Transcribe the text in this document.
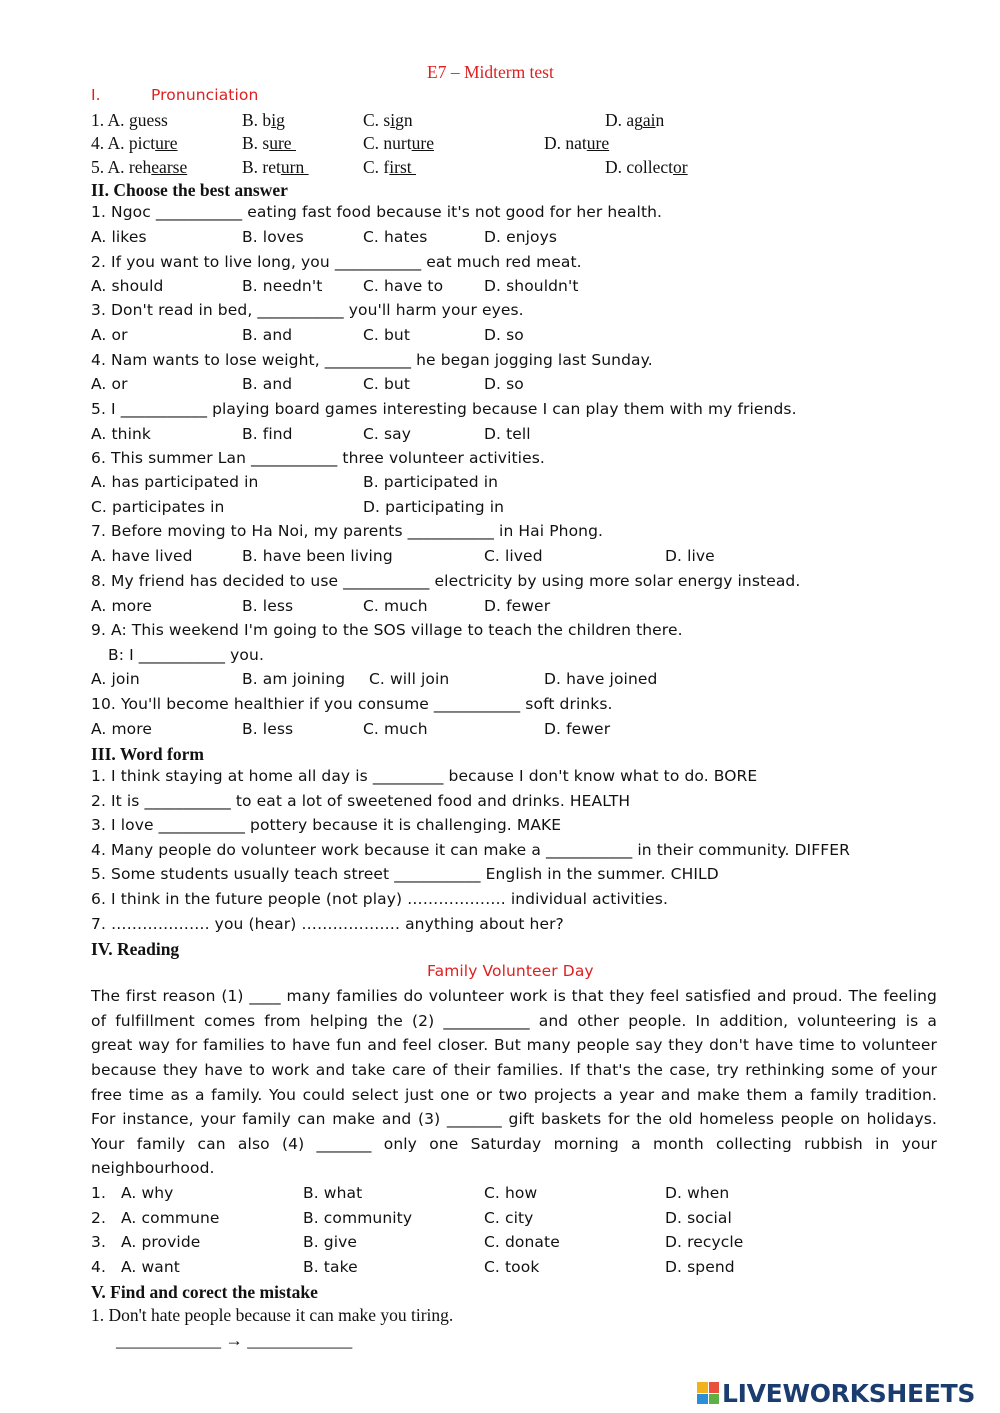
E7 – Midterm test
I.	Pronunciation
1. A. guess	B. big	C. sign	D. again
4. A. picture	B. sure	C. nurture	D. nature
5. A. rehearse	B. return	C. first	D. collector
II. Choose the best answer
1. Ngoc ___________ eating fast food because it's not good for her health.
A. likes	B. loves	C. hates	D. enjoys
2. If you want to live long, you ___________ eat much red meat.
A. should	B. needn't	C. have to	D. shouldn't
3. Don't read in bed, ___________ you'll harm your eyes.
A. or	B. and	C. but	D. so
4. Nam wants to lose weight, ___________ he began jogging last Sunday.
A. or	B. and	C. but	D. so
5. I ___________ playing board games interesting because I can play them with my friends.
A. think	B. find	C. say	D. tell
6. This summer Lan ___________ three volunteer activities.
A. has participated in	B. participated in
C. participates in	D. participating in
7. Before moving to Ha Noi, my parents ___________ in Hai Phong.
A. have lived	B. have been living	C. lived	D. live
8. My friend has decided to use ___________ electricity by using more solar energy instead.
A. more	B. less	C. much	D. fewer
9. A: This weekend I'm going to the SOS village to teach the children there.
B: I ___________ you.
A. join	B. am joining C. will join	D. have joined
10. You'll become healthier if you consume ___________ soft drinks.
A. more	B. less	C. much	D. fewer
III. Word form
1. I think staying at home all day is _________ because I don't know what to do. BORE
2. It is ___________ to eat a lot of sweetened food and drinks. HEALTH
3. I love ___________ pottery because it is challenging. MAKE
4. Many people do volunteer work because it can make a ___________ in their community. DIFFER
5. Some students usually teach street ___________ English in the summer. CHILD
6. I think in the future people (not play) ………………. individual activities.
7. ………………. you (hear) ………………. anything about her?
IV. Reading
Family Volunteer Day
The first reason (1) ____ many families do volunteer work is that they feel satisfied and proud. The feeling
of fulfillment comes from helping the (2) ___________ and other people. In addition, volunteering is a
great way for families to have fun and feel closer. But many people say they don't have time to volunteer
because they have to work and take care of their families. If that's the case, try rethinking some of your
free time as a family. You could select just one or two projects a year and make them a family tradition.
For instance, your family can make and (3) _______ gift baskets for the old homeless people on holidays.
Your family can also (4) _______ only one Saturday morning a month collecting rubbish in your
neighbourhood.
1. A. why	B. what	C. how	D. when
2. A. commune	B. community	C. city	D. social
3. A. provide	B. give	C. donate	D. recycle
4. A. want	B. take	C. took	D. spend
V. Find and corect the mistake
1. Don't hate people because it can make you tiring.
____________ → ____________
LIVEWORKSHEETS
